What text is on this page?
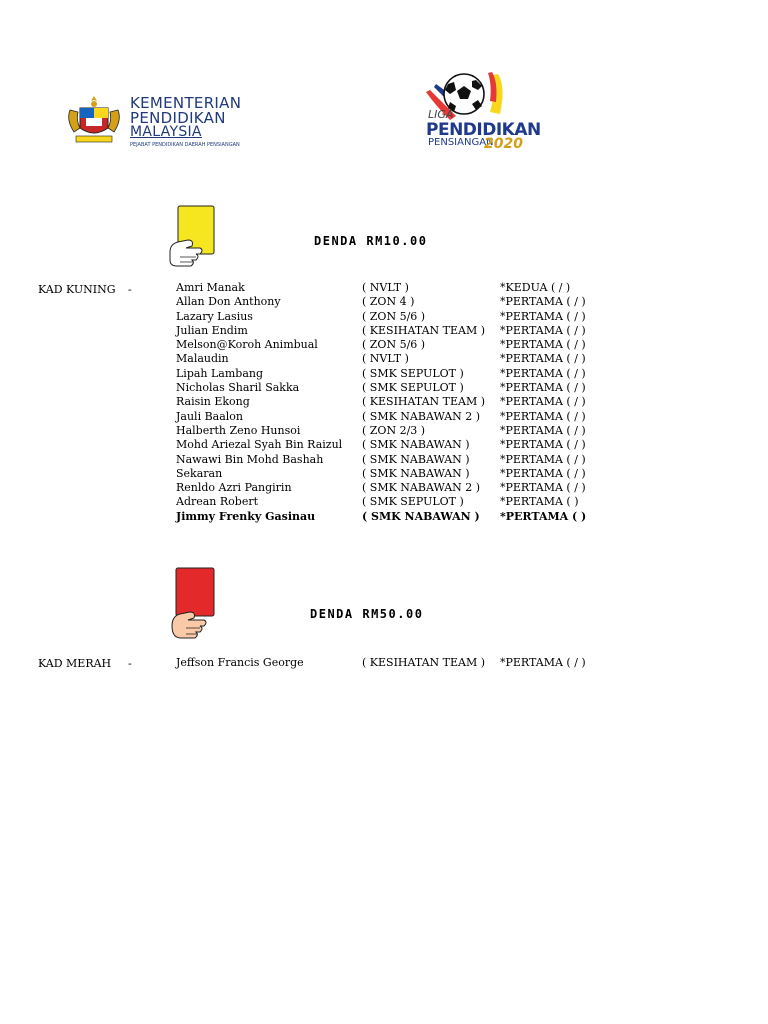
KEMENTERIAN
PENDIDIKAN
MALAYSIA
PEJABAT PENDIDIKAN DAERAH PENSIANGAN
LIGA
PENDIDIKAN
PENSIANGAN
2020
DENDA RM10.00
KAD KUNING -	Amri Manak	( NVLT )	*KEDUA ( / )
Allan Don Anthony	( ZON 4 )	*PERTAMA ( / )
Lazary Lasius	( ZON 5/6 )	*PERTAMA ( / )
Julian Endim	( KESIHATAN TEAM ) *PERTAMA ( / )
Melson@Koroh Animbual	( ZON 5/6 )	*PERTAMA ( / )
Malaudin	( NVLT )	*PERTAMA ( / )
Lipah Lambang	( SMK SEPULOT )	*PERTAMA ( / )
Nicholas Sharil Sakka	( SMK SEPULOT )	*PERTAMA ( / )
Raisin Ekong	( KESIHATAN TEAM ) *PERTAMA ( / )
Jauli Baalon	( SMK NABAWAN 2 ) *PERTAMA ( / )
Halberth Zeno Hunsoi	( ZON 2/3 )	*PERTAMA ( / )
Mohd Ariezal Syah Bin Raizul ( SMK NABAWAN )	*PERTAMA ( / )
Nawawi Bin Mohd Bashah	( SMK NABAWAN )	*PERTAMA ( / )
Sekaran	( SMK NABAWAN )	*PERTAMA ( / )
Renldo Azri Pangirin	( SMK NABAWAN 2 ) *PERTAMA ( / )
Adrean Robert	( SMK SEPULOT )	*PERTAMA ( )
Jimmy Frenky Gasinau	( SMK NABAWAN ) *PERTAMA ( )
DENDA RM50.00
KAD MERAH -	Jeffson Francis George	( KESIHATAN TEAM ) *PERTAMA ( / )
